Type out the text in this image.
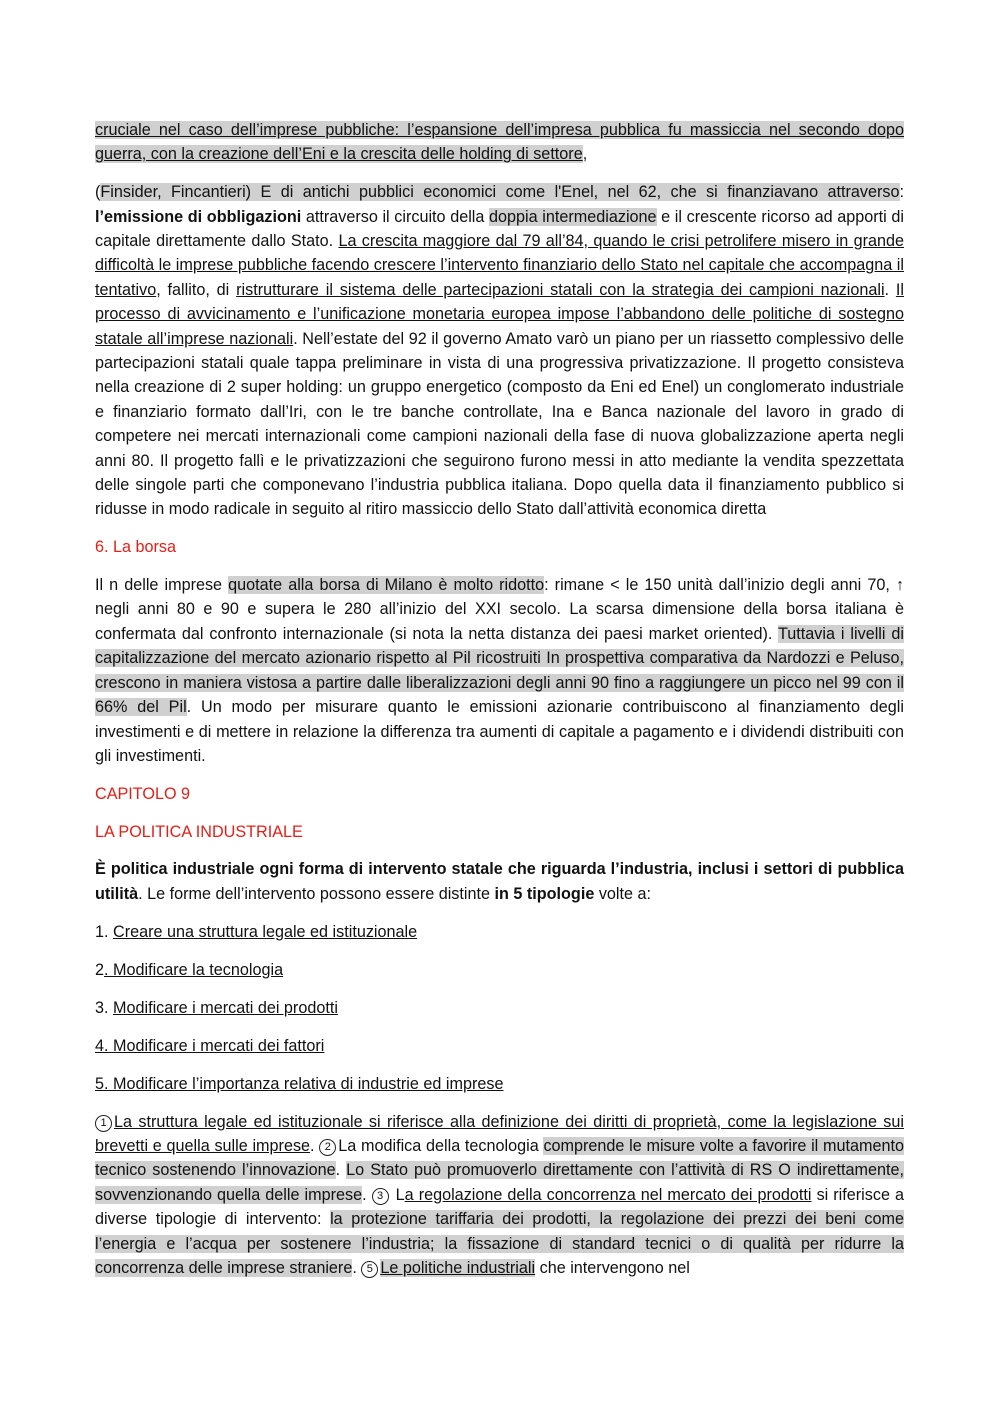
cruciale nel caso dell’imprese pubbliche: l’espansione dell’impresa pubblica fu massiccia nel secondo dopo guerra, con la creazione dell’Eni e la crescita delle holding di settore,

(Finsider, Fincantieri) E di antichi pubblici economici come l'Enel, nel 62, che si finanziavano attraverso: l’emissione di obbligazioni attraverso il circuito della doppia intermediazione e il crescente ricorso ad apporti di capitale direttamente dallo Stato. La crescita maggiore dal 79 all’84, quando le crisi petrolifere misero in grande difficoltà le imprese pubbliche facendo crescere l’intervento finanziario dello Stato nel capitale che accompagna il tentativo, fallito, di ristrutturare il sistema delle partecipazioni statali con la strategia dei campioni nazionali. Il processo di avvicinamento e l’unificazione monetaria europea impose l’abbandono delle politiche di sostegno statale all’imprese nazionali. Nell’estate del 92 il governo Amato varò un piano per un riassetto complessivo delle partecipazioni statali quale tappa preliminare in vista di una progressiva privatizzazione. Il progetto consisteva nella creazione di 2 super holding: un gruppo energetico (composto da Eni ed Enel) un conglomerato industriale e finanziario formato dall’Iri, con le tre banche controllate, Ina e Banca nazionale del lavoro in grado di competere nei mercati internazionali come campioni nazionali della fase di nuova globalizzazione aperta negli anni 80. Il progetto fallì e le privatizzazioni che seguirono furono messi in atto mediante la vendita spezzettata delle singole parti che componevano l’industria pubblica italiana. Dopo quella data il finanziamento pubblico si ridusse in modo radicale in seguito al ritiro massiccio dello Stato dall’attività economica diretta

6. La borsa

Il n delle imprese quotate alla borsa di Milano è molto ridotto: rimane < le 150 unità dall’inizio degli anni 70, ↑ negli anni 80 e 90 e supera le 280 all’inizio del XXI secolo. La scarsa dimensione della borsa italiana è confermata dal confronto internazionale (si nota la netta distanza dei paesi market oriented). Tuttavia i livelli di capitalizzazione del mercato azionario rispetto al Pil ricostruiti In prospettiva comparativa da Nardozzi e Peluso, crescono in maniera vistosa a partire dalle liberalizzazioni degli anni 90 fino a raggiungere un picco nel 99 con il 66% del Pil. Un modo per misurare quanto le emissioni azionarie contribuiscono al finanziamento degli investimenti e di mettere in relazione la differenza tra aumenti di capitale a pagamento e i dividendi distribuiti con gli investimenti.

CAPITOLO 9

LA POLITICA INDUSTRIALE

È politica industriale ogni forma di intervento statale che riguarda l’industria, inclusi i settori di pubblica utilità. Le forme dell’intervento possono essere distinte in 5 tipologie volte a:

1. Creare una struttura legale ed istituzionale

2. Modificare la tecnologia

3. Modificare i mercati dei prodotti

4. Modificare i mercati dei fattori

5. Modificare l’importanza relativa di industrie ed imprese

1 La struttura legale ed istituzionale si riferisce alla definizione dei diritti di proprietà, come la legislazione sui brevetti e quella sulle imprese. 2 La modifica della tecnologia comprende le misure volte a favorire il mutamento tecnico sostenendo l’innovazione. Lo Stato può promuoverlo direttamente con l’attività di RS O indirettamente, sovvenzionando quella delle imprese. 3 La regolazione della concorrenza nel mercato dei prodotti si riferisce a diverse tipologie di intervento: la protezione tariffaria dei prodotti, la regolazione dei prezzi dei beni come l’energia e l’acqua per sostenere l’industria; la fissazione di standard tecnici o di qualità per ridurre la concorrenza delle imprese straniere. 5 Le politiche industriali che intervengono nel
